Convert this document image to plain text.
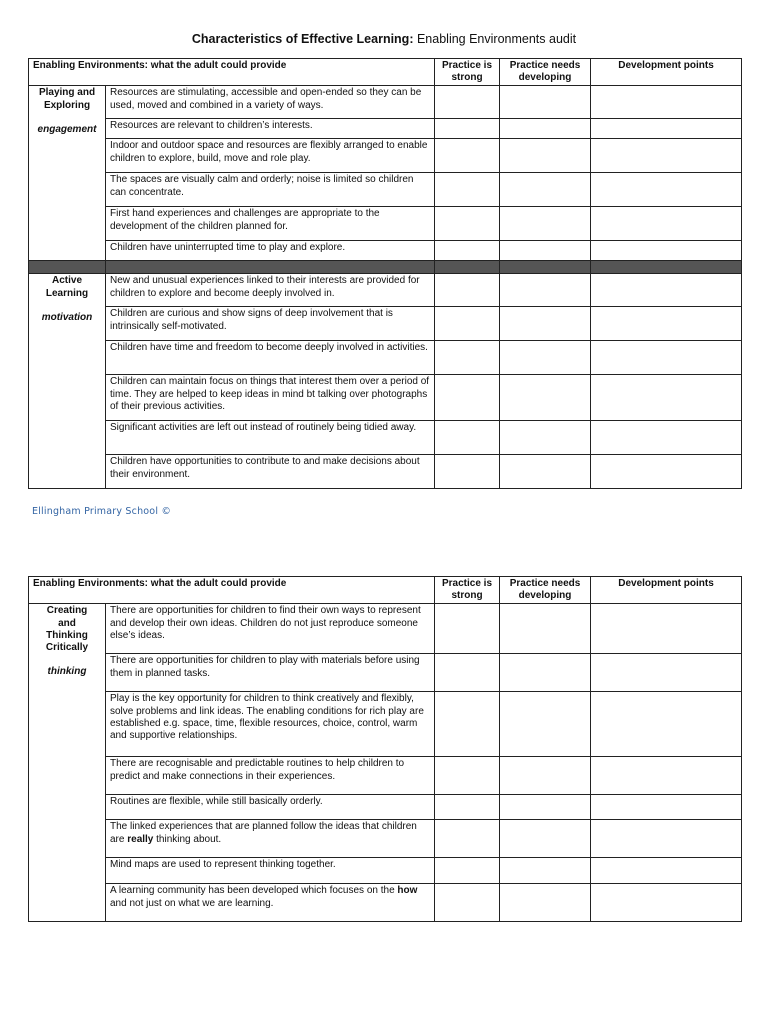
Characteristics of Effective Learning: Enabling Environments audit
Enabling Environments: what the adult could provide		Practice is strong	Practice needs developing	Development points
Playing and Exploring
engagement	Resources are stimulating, accessible and open-ended so they can be used, moved and combined in a variety of ways.			
	Resources are relevant to children’s interests.			
	Indoor and outdoor space and resources are flexibly arranged to enable children to explore, build, move and role play.			
	The spaces are visually calm and orderly; noise is limited so children can concentrate.			
	First hand experiences and challenges are appropriate to the development of the children planned for.			
	Children have uninterrupted time to play and explore.			

Active Learning
motivation	New and unusual experiences linked to their interests are provided for children to explore and become deeply involved in.			
	Children are curious and show signs of deep involvement that is intrinsically self-motivated.			
	Children have time and freedom to become deeply involved in activities.			
	Children can maintain focus on things that interest them over a period of time. They are helped to keep ideas in mind bt talking over photographs of their previous activities.			
	Significant activities are left out instead of routinely being tidied away.			
	Children have opportunities to contribute to and make decisions about their environment.			
Ellingham Primary School ©
Enabling Environments: what the adult could provide		Practice is strong	Practice needs developing	Development points

Creating and Thinking Critically
thinking	There are opportunities for children to find their own ways to represent and develop their own ideas. Children do not just reproduce someone else’s ideas.			
	There are opportunities for children to play with materials before using them in planned tasks.			
	Play is the key opportunity for children to think creatively and flexibly, solve problems and link ideas. The enabling conditions for rich play are established e.g. space, time, flexible resources, choice, control, warm and supportive relationships.			
	There are recognisable and predictable routines to help children to predict and make connections in their experiences.			
	Routines are flexible, while still basically orderly.			
	The linked experiences that are planned follow the ideas that children are really thinking about.			
	Mind maps are used to represent thinking together.			
	A learning community has been developed which focuses on the how and not just on what we are learning.			
